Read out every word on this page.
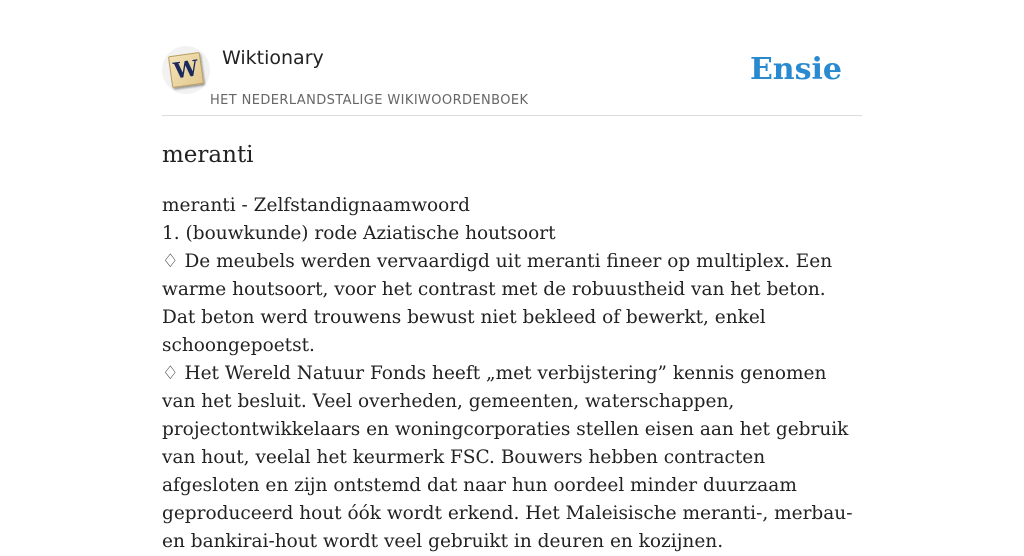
W Wiktionary
HET NEDERLANDSTALIGE WIKIWOORDENBOEK
Ensie
meranti

meranti - Zelfstandignaamwoord

1. (bouwkunde) rode Aziatische houtsoort

♢ De meubels werden vervaardigd uit meranti fineer op multiplex. Een warme houtsoort, voor het contrast met de robuustheid van het beton. Dat beton werd trouwens bewust niet bekleed of bewerkt, enkel schoongepoetst.

♢ Het Wereld Natuur Fonds heeft „met verbijstering” kennis genomen van het besluit. Veel overheden, gemeenten, waterschappen, projectontwikkelaars en woningcorporaties stellen eisen aan het gebruik van hout, veelal het keurmerk FSC. Bouwers hebben contracten afgesloten en zijn ontstemd dat naar hun oordeel minder duurzaam geproduceerd hout óók wordt erkend. Het Maleisische meranti-, merbau- en bankirai-hout wordt veel gebruikt in deuren en kozijnen.
